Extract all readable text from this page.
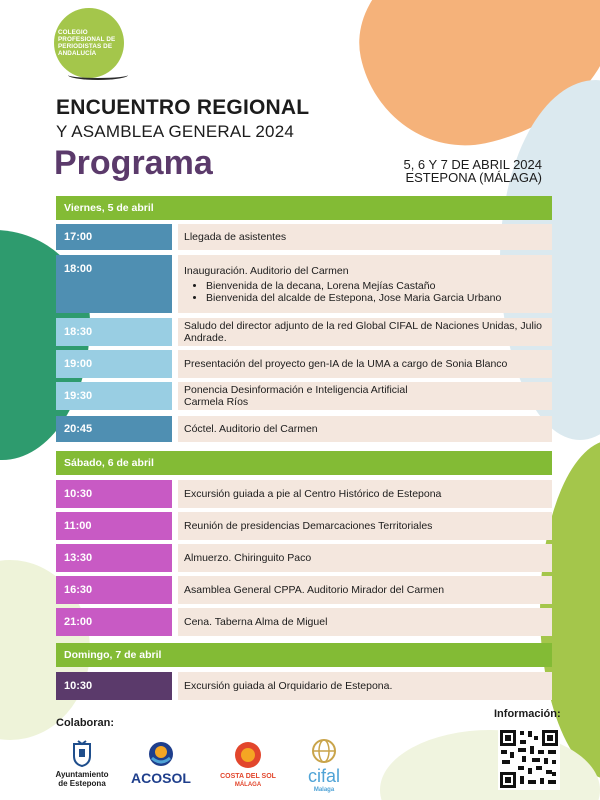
COLEGIO
PROFESIONAL DE
PERIODISTAS DE
ANDALUCÍA
ENCUENTRO REGIONAL
Y ASAMBLEA GENERAL 2024
Programa	5, 6 Y 7 DE ABRIL 2024
ESTEPONA (MÁLAGA)
Viernes, 5 de abril
17:00	Llegada de asistentes
18:00	Inauguración. Auditorio del Carmen
• Bienvenida de la decana, Lorena Mejías Castaño
• Bienvenida del alcalde de Estepona, Jose Maria Garcia Urbano
18:30	Saludo del director adjunto de la red Global CIFAL de Naciones Unidas, Julio Andrade.
19:00	Presentación del proyecto gen-IA de la UMA a cargo de Sonia Blanco
19:30	Ponencia Desinformación e Inteligencia Artificial
Carmela Ríos
20:45	Cóctel. Auditorio del Carmen
Sábado, 6 de abril
10:30	Excursión guiada a pie al Centro Histórico de Estepona
11:00	Reunión de presidencias Demarcaciones Territoriales
13:30	Almuerzo. Chiringuito Paco
16:30	Asamblea General CPPA. Auditorio Mirador del Carmen
21:00	Cena. Taberna Alma de Miguel
Domingo, 7 de abril
10:30	Excursión guiada al Orquidario de Estepona.
Colaboran:
Ayuntamiento
de Estepona ACOSOL	COSTA DEL SOL
MÁLAGA	cifal
Malaga
Información:
